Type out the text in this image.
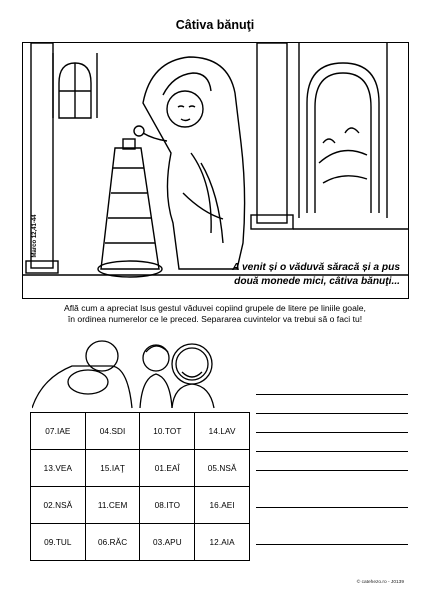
Câtiva bănuţi
Marco 12,41-44
A venit și o văduvă săracă și a pus
două monede mici, câtiva bănuţi...
Află cum a apreciat Isus gestul văduvei copiind grupele de litere pe liniile goale,
în ordinea numerelor ce le preced. Separarea cuvintelor va trebui să o faci tu!
07.IAE	04.SDI	10.TOT	14.LAV
13.VEA	15.IAŢ	01.EAÎ	05.NSĂ
02.NSĂ	11.CEM	08.ITO	16.AEI
09.TUL	06.RĂC	03.APU	12.AIA
© catehezo.ro - J0139
